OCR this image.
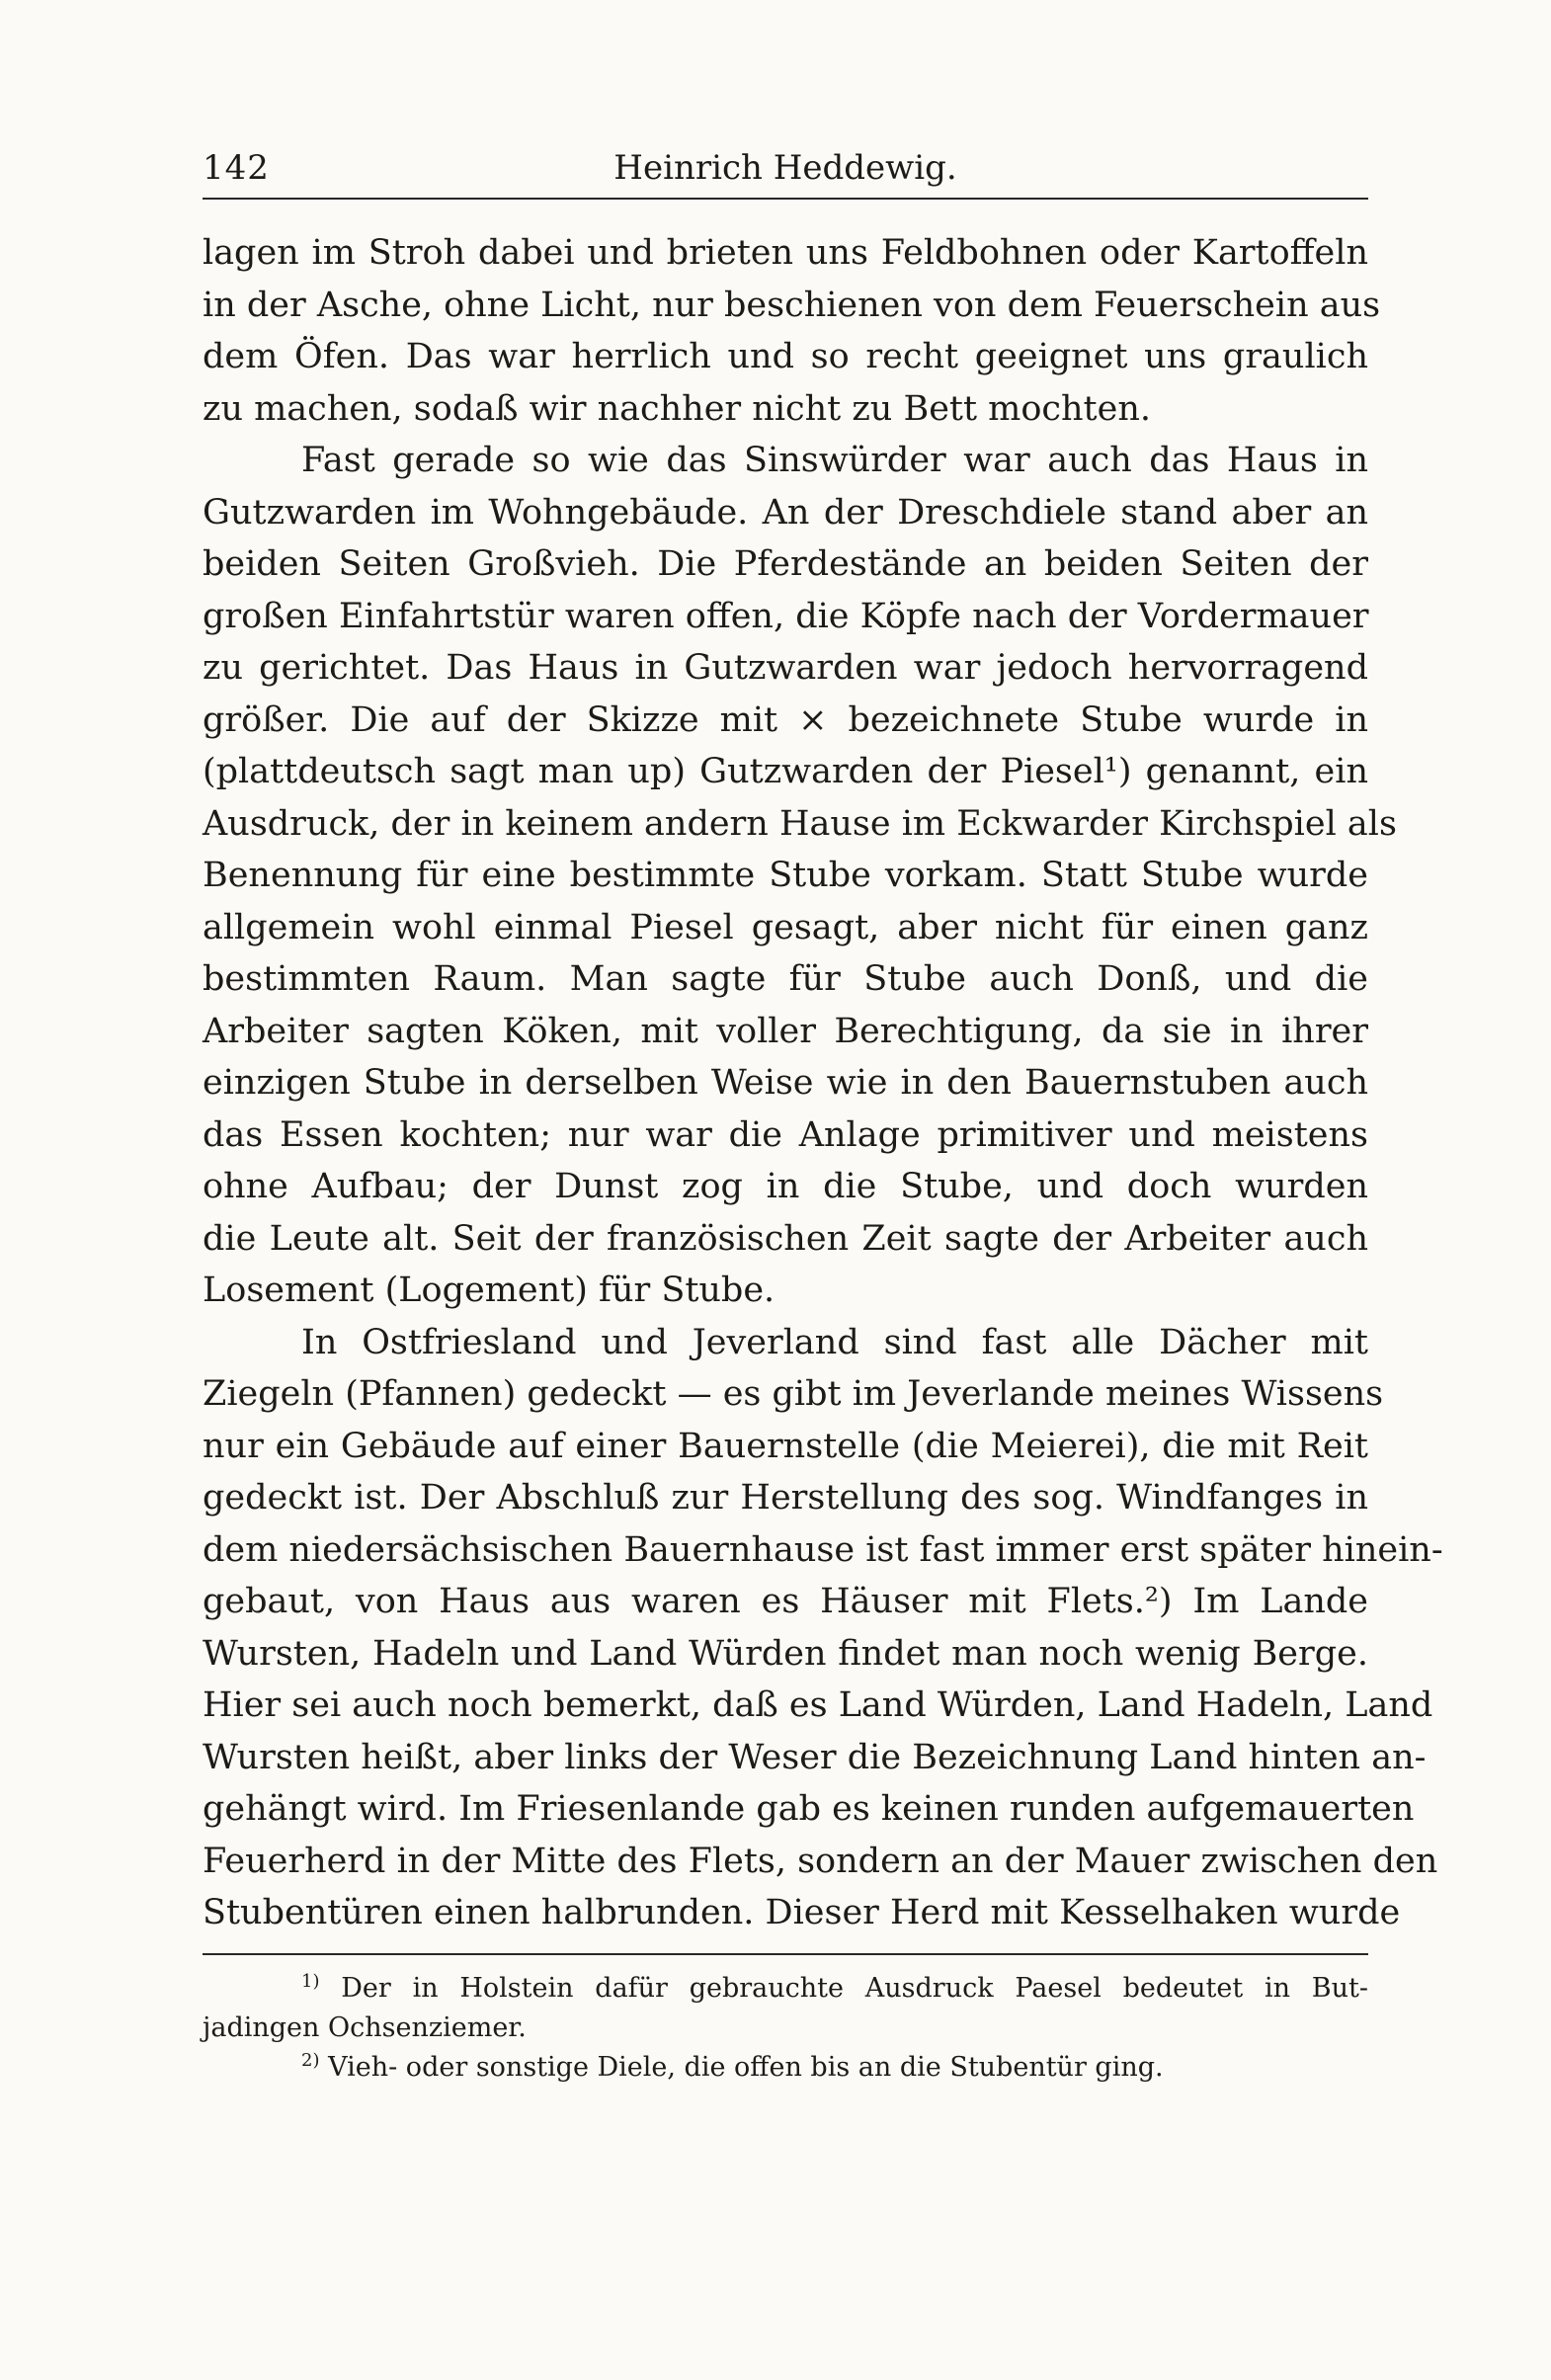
142	Heinrich Heddewig.
lagen im Stroh dabei und brieten uns Feldbohnen oder Kartoffeln
in der Asche, ohne Licht, nur beschienen von dem Feuerschein aus
dem Öfen. Das war herrlich und so recht geeignet uns graulich
zu machen, sodaß wir nachher nicht zu Bett mochten.
Fast gerade so wie das Sinswürder war auch das Haus in
Gutzwarden im Wohngebäude. An der Dreschdiele stand aber an
beiden Seiten Großvieh. Die Pferdeständе an beiden Seiten der
großen Einfahrtstür waren offen, die Köpfe nach der Vordermauer
zu gerichtet. Das Haus in Gutzwarden war jedoch hervorragend
größer. Die auf der Skizze mit × bezeichnete Stube wurde in
(plattdeutsch sagt man up) Gutzwarden der Piesel¹) genannt, ein
Ausdruck, der in keinem andern Hause im Eckwarder Kirchspiel als
Benennung für eine bestimmte Stube vorkam. Statt Stube wurde
allgemein wohl einmal Piesel gesagt, aber nicht für einen ganz
bestimmten Raum. Man sagte für Stube auch Donß, und die
Arbeiter sagten Köken, mit voller Berechtigung, da sie in ihrer
einzigen Stube in derselben Weise wie in den Bauernstuben auch
das Essen kochten; nur war die Anlage primitiver und meistens
ohne Aufbau; der Dunst zog in die Stube, und doch wurden
die Leute alt. Seit der französischen Zeit sagte der Arbeiter auch
Losement (Logement) für Stube.
In Ostfriesland und Jeverland sind fast alle Dächer mit
Ziegeln (Pfannen) gedeckt — es gibt im Jeverlande meines Wissens
nur ein Gebäude auf einer Bauernstelle (die Meierei), die mit Reit
gedeckt ist. Der Abschluß zur Herstellung des sog. Windfanges in
dem niedersächsischen Bauernhause ist fast immer erst später hinein-
gebaut, von Haus aus waren es Häuser mit Flets.²) Im Lande
Wursten, Hadeln und Land Würden findet man noch wenig Berge.
Hier sei auch noch bemerkt, daß es Land Würden, Land Hadeln, Land
Wursten heißt, aber links der Weser die Bezeichnung Land hinten an-
gehängt wird. Im Friesenlande gab es keinen runden aufgemauerten
Feuerherd in der Mitte des Flets, sondern an der Mauer zwischen den
Stubentüren einen halbrunden. Dieser Herd mit Kesselhaken wurde
$^{1)}$ Der in Holstein dafür gebrauchte Ausdruck Paesel bedeutet in But-
jadingen Ochsenziemer.
$^{2)}$ Vieh- oder sonstige Diele, die offen bis an die Stubentür ging.
